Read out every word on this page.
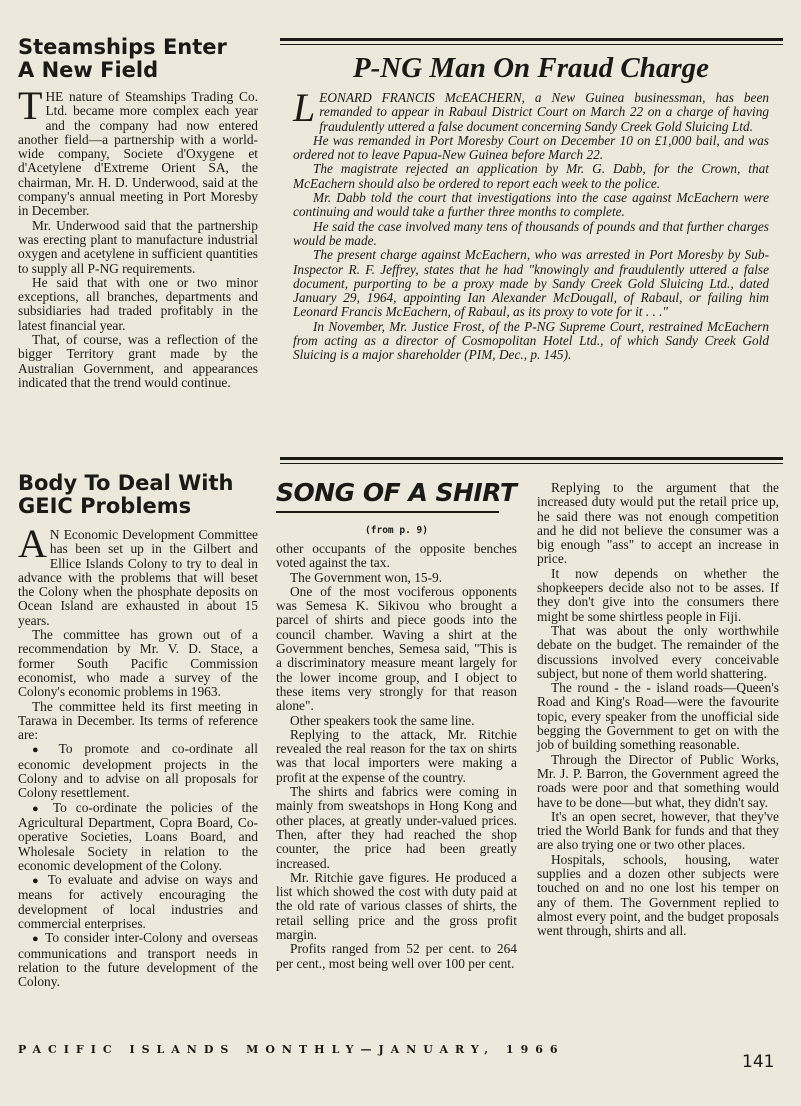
Steamships Enter
A New Field

THE nature of Steamships Trading Co. Ltd. became more complex each year and the company had now entered another field—a partnership with a world-wide company, Societe d'Oxygene et d'Acetylene d'Extreme Orient SA, the chairman, Mr. H. D. Underwood, said at the company's annual meeting in Port Moresby in December.

Mr. Underwood said that the partnership was erecting plant to manufacture industrial oxygen and acetylene in sufficient quantities to supply all P-NG requirements.

He said that with one or two minor exceptions, all branches, departments and subsidiaries had traded profitably in the latest financial year.

That, of course, was a reflection of the bigger Territory grant made by the Australian Government, and appearances indicated that the trend would continue.

P-NG Man On Fraud Charge

LEONARD FRANCIS McEACHERN, a New Guinea businessman, has been remanded to appear in Rabaul District Court on March 22 on a charge of having fraudulently uttered a false document concerning Sandy Creek Gold Sluicing Ltd.

He was remanded in Port Moresby Court on December 10 on £1,000 bail, and was ordered not to leave Papua-New Guinea before March 22.

The magistrate rejected an application by Mr. G. Dabb, for the Crown, that McEachern should also be ordered to report each week to the police.

Mr. Dabb told the court that investigations into the case against McEachern were continuing and would take a further three months to complete.

He said the case involved many tens of thousands of pounds and that further charges would be made.

The present charge against McEachern, who was arrested in Port Moresby by Sub-Inspector R. F. Jeffrey, states that he had "knowingly and fraudulently uttered a false document, purporting to be a proxy made by Sandy Creek Gold Sluicing Ltd., dated January 29, 1964, appointing Ian Alexander McDougall, of Rabaul, or failing him Leonard Francis McEachern, of Rabaul, as its proxy to vote for it . . ."

In November, Mr. Justice Frost, of the P-NG Supreme Court, restrained McEachern from acting as a director of Cosmopolitan Hotel Ltd., of which Sandy Creek Gold Sluicing is a major shareholder (PIM, Dec., p. 145).

Body To Deal With
GEIC Problems

AN Economic Development Committee has been set up in the Gilbert and Ellice Islands Colony to try to deal in advance with the problems that will beset the Colony when the phosphate deposits on Ocean Island are exhausted in about 15 years.

The committee has grown out of a recommendation by Mr. V. D. Stace, a former South Pacific Commission economist, who made a survey of the Colony's economic problems in 1963.

The committee held its first meeting in Tarawa in December. Its terms of reference are:

● To promote and co-ordinate all economic development projects in the Colony and to advise on all proposals for Colony resettlement.

● To co-ordinate the policies of the Agricultural Department, Copra Board, Co-operative Societies, Loans Board, and Wholesale Society in relation to the economic development of the Colony.

● To evaluate and advise on ways and means for actively encouraging the development of local industries and commercial enterprises.

● To consider inter-Colony and overseas communications and transport needs in relation to the future development of the Colony.

SONG OF A SHIRT
(from p. 9)

other occupants of the opposite benches voted against the tax.

The Government won, 15-9.

One of the most vociferous opponents was Semesa K. Sikivou who brought a parcel of shirts and piece goods into the council chamber. Waving a shirt at the Government benches, Semesa said, "This is a discriminatory measure meant largely for the lower income group, and I object to these items very strongly for that reason alone".

Other speakers took the same line.

Replying to the attack, Mr. Ritchie revealed the real reason for the tax on shirts was that local importers were making a profit at the expense of the country.

The shirts and fabrics were coming in mainly from sweatshops in Hong Kong and other places, at greatly under-valued prices. Then, after they had reached the shop counter, the price had been greatly increased.

Mr. Ritchie gave figures. He produced a list which showed the cost with duty paid at the old rate of various classes of shirts, the retail selling price and the gross profit margin.

Profits ranged from 52 per cent. to 264 per cent., most being well over 100 per cent.

Replying to the argument that the increased duty would put the retail price up, he said there was not enough competition and he did not believe the consumer was a big enough "ass" to accept an increase in price.

It now depends on whether the shopkeepers decide also not to be asses. If they don't give into the consumers there might be some shirtless people in Fiji.

That was about the only worthwhile debate on the budget. The remainder of the discussions involved every conceivable subject, but none of them world shattering.

The round - the - island roads—Queen's Road and King's Road—were the favourite topic, every speaker from the unofficial side begging the Government to get on with the job of building something reasonable.

Through the Director of Public Works, Mr. J. P. Barron, the Government agreed the roads were poor and that something would have to be done—but what, they didn't say.

It's an open secret, however, that they've tried the World Bank for funds and that they are also trying one or two other places.

Hospitals, schools, housing, water supplies and a dozen other subjects were touched on and no one lost his temper on any of them. The Government replied to almost every point, and the budget proposals went through, shirts and all.

PACIFIC ISLANDS MONTHLY—JANUARY, 1966
141
